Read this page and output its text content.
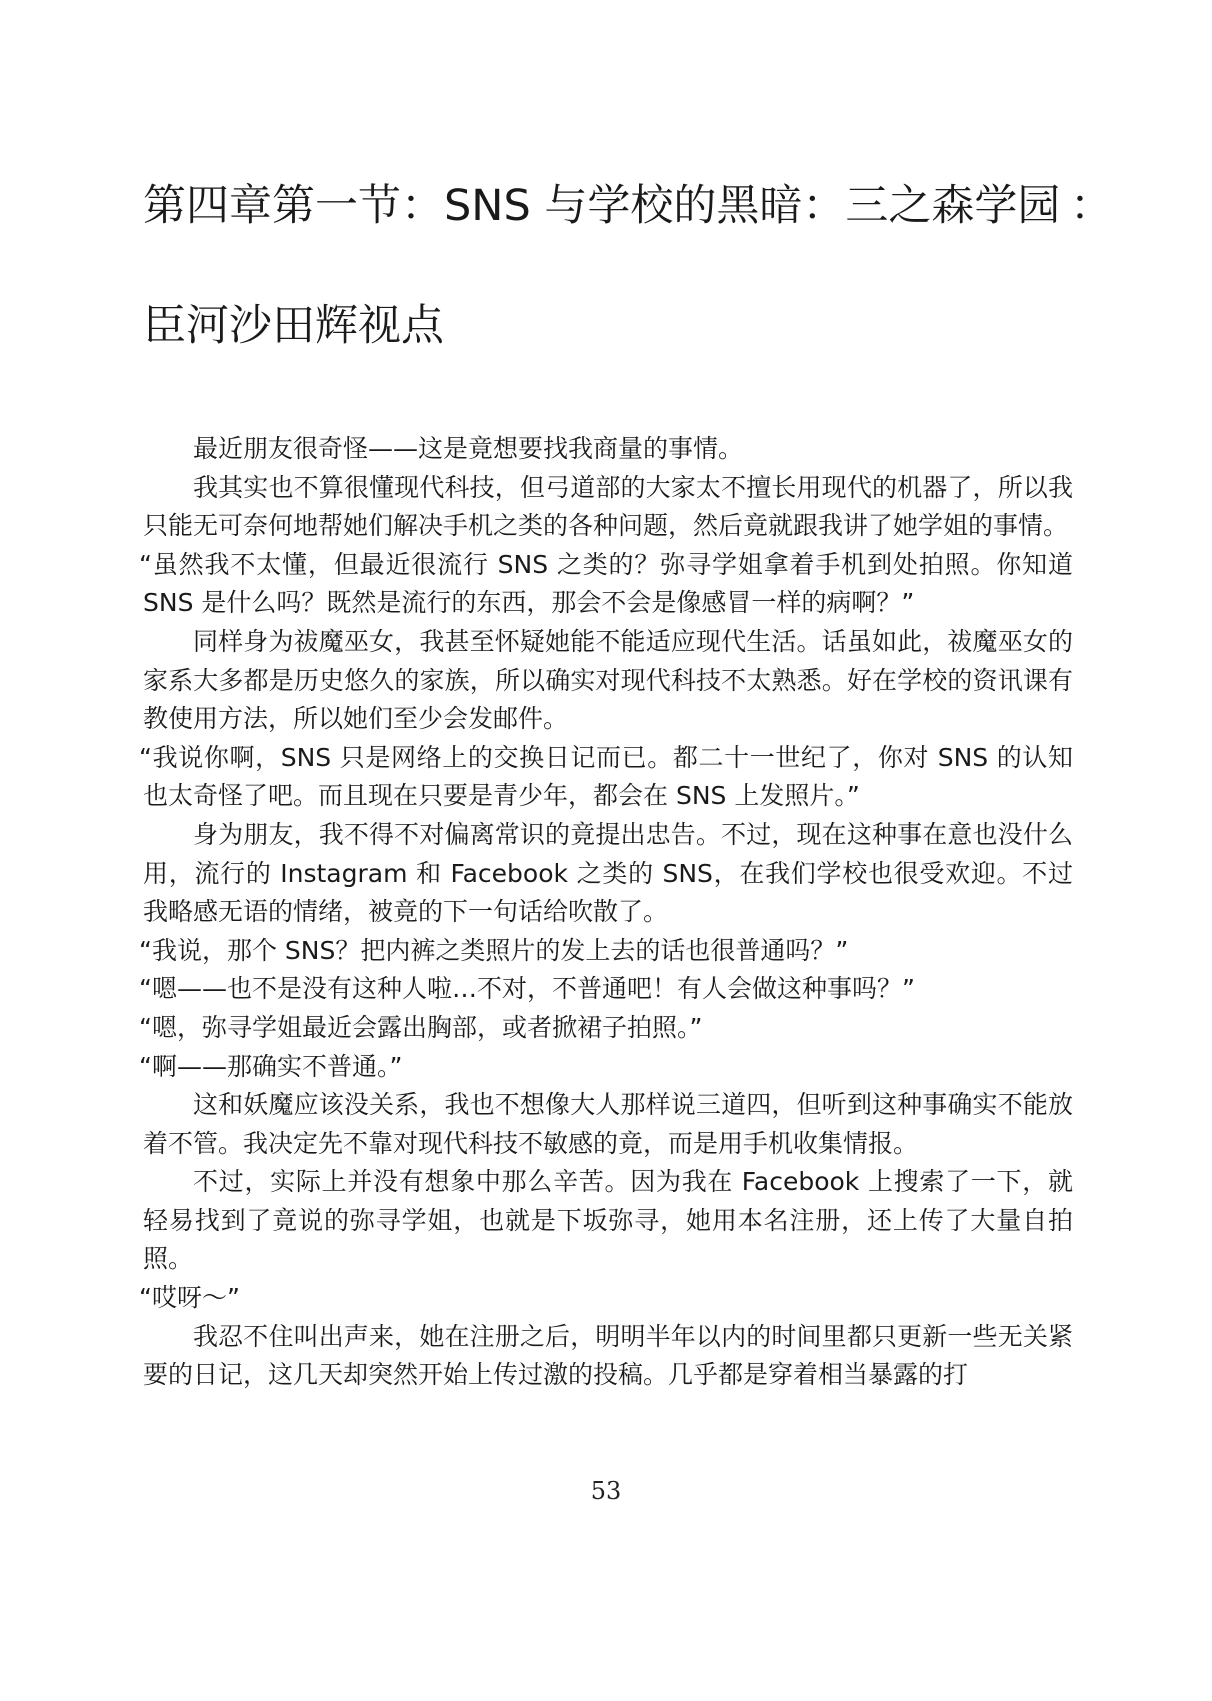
第四章第一节：SNS 与学校的黑暗：三之森学园 ：
臣河沙田辉视点

最近朋友很奇怪——这是竟想要找我商量的事情。

我其实也不算很懂现代科技，但弓道部的大家太不擅长用现代的机器了，所以我只能无可奈何地帮她们解决手机之类的各种问题，然后竟就跟我讲了她学姐的事情。

“虽然我不太懂，但最近很流行 SNS 之类的？弥寻学姐拿着手机到处拍照。你知道 SNS 是什么吗？既然是流行的东西，那会不会是像感冒一样的病啊？”

同样身为祓魔巫女，我甚至怀疑她能不能适应现代生活。话虽如此，祓魔巫女的家系大多都是历史悠久的家族，所以确实对现代科技不太熟悉。好在学校的资讯课有教使用方法，所以她们至少会发邮件。

“我说你啊，SNS 只是网络上的交换日记而已。都二十一世纪了，你对 SNS 的认知也太奇怪了吧。而且现在只要是青少年，都会在 SNS 上发照片。”

身为朋友，我不得不对偏离常识的竟提出忠告。不过，现在这种事在意也没什么用，流行的 Instagram 和 Facebook 之类的 SNS，在我们学校也很受欢迎。不过我略感无语的情绪，被竟的下一句话给吹散了。

“我说，那个 SNS？把内裤之类照片的发上去的话也很普通吗？”

“嗯——也不是没有这种人啦…不对，不普通吧！有人会做这种事吗？”

“嗯，弥寻学姐最近会露出胸部，或者掀裙子拍照。”

“啊——那确实不普通。”

这和妖魔应该没关系，我也不想像大人那样说三道四，但听到这种事确实不能放着不管。我决定先不靠对现代科技不敏感的竟，而是用手机收集情报。

不过，实际上并没有想象中那么辛苦。因为我在 Facebook 上搜索了一下，就轻易找到了竟说的弥寻学姐，也就是下坂弥寻，她用本名注册，还上传了大量自拍照。

“哎呀～”

我忍不住叫出声来，她在注册之后，明明半年以内的时间里都只更新一些无关紧要的日记，这几天却突然开始上传过激的投稿。几乎都是穿着相当暴露的打

53
